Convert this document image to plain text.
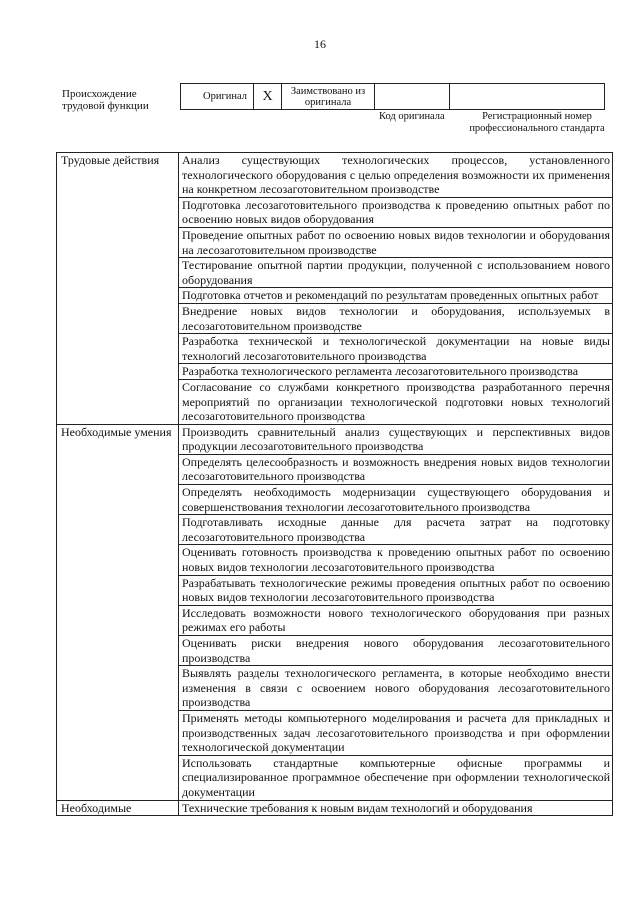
16
Происхождение трудовой функции
Оригинал	X	Заимствовано из оригинала		
Код оригинала	Регистрационный номер профессионального стандарта
Трудовые действия	Анализ существующих технологических процессов, установленного технологического оборудования с целью определения возможности их применения на конкретном лесозаготовительном производстве
	Подготовка лесозаготовительного производства к проведению опытных работ по освоению новых видов оборудования
	Проведение опытных работ по освоению новых видов технологии и оборудования на лесозаготовительном производстве
	Тестирование опытной партии продукции, полученной с использованием нового оборудования
	Подготовка отчетов и рекомендаций по результатам проведенных опытных работ
	Внедрение новых видов технологии и оборудования, используемых в лесозаготовительном производстве
	Разработка технической и технологической документации на новые виды технологий лесозаготовительного производства
	Разработка технологического регламента лесозаготовительного производства
	Согласование со службами конкретного производства разработанного перечня мероприятий по организации технологической подготовки новых технологий лесозаготовительного производства
Необходимые умения	Производить сравнительный анализ существующих и перспективных видов продукции лесозаготовительного производства
	Определять целесообразность и возможность внедрения новых видов технологии лесозаготовительного производства
	Определять необходимость модернизации существующего оборудования и совершенствования технологии лесозаготовительного производства
	Подготавливать исходные данные для расчета затрат на подготовку лесозаготовительного производства
	Оценивать готовность производства к проведению опытных работ по освоению новых видов технологии лесозаготовительного производства
	Разрабатывать технологические режимы проведения опытных работ по освоению новых видов технологии лесозаготовительного производства
	Исследовать возможности нового технологического оборудования при разных режимах его работы
	Оценивать риски внедрения нового оборудования лесозаготовительного производства
	Выявлять разделы технологического регламента, в которые необходимо внести изменения в связи с освоением нового оборудования лесозаготовительного производства
	Применять методы компьютерного моделирования и расчета для прикладных и производственных задач лесозаготовительного производства и при оформлении технологической документации
	Использовать стандартные компьютерные офисные программы и специализированное программное обеспечение при оформлении технологической документации
Необходимые	Технические требования к новым видам технологий и оборудования
